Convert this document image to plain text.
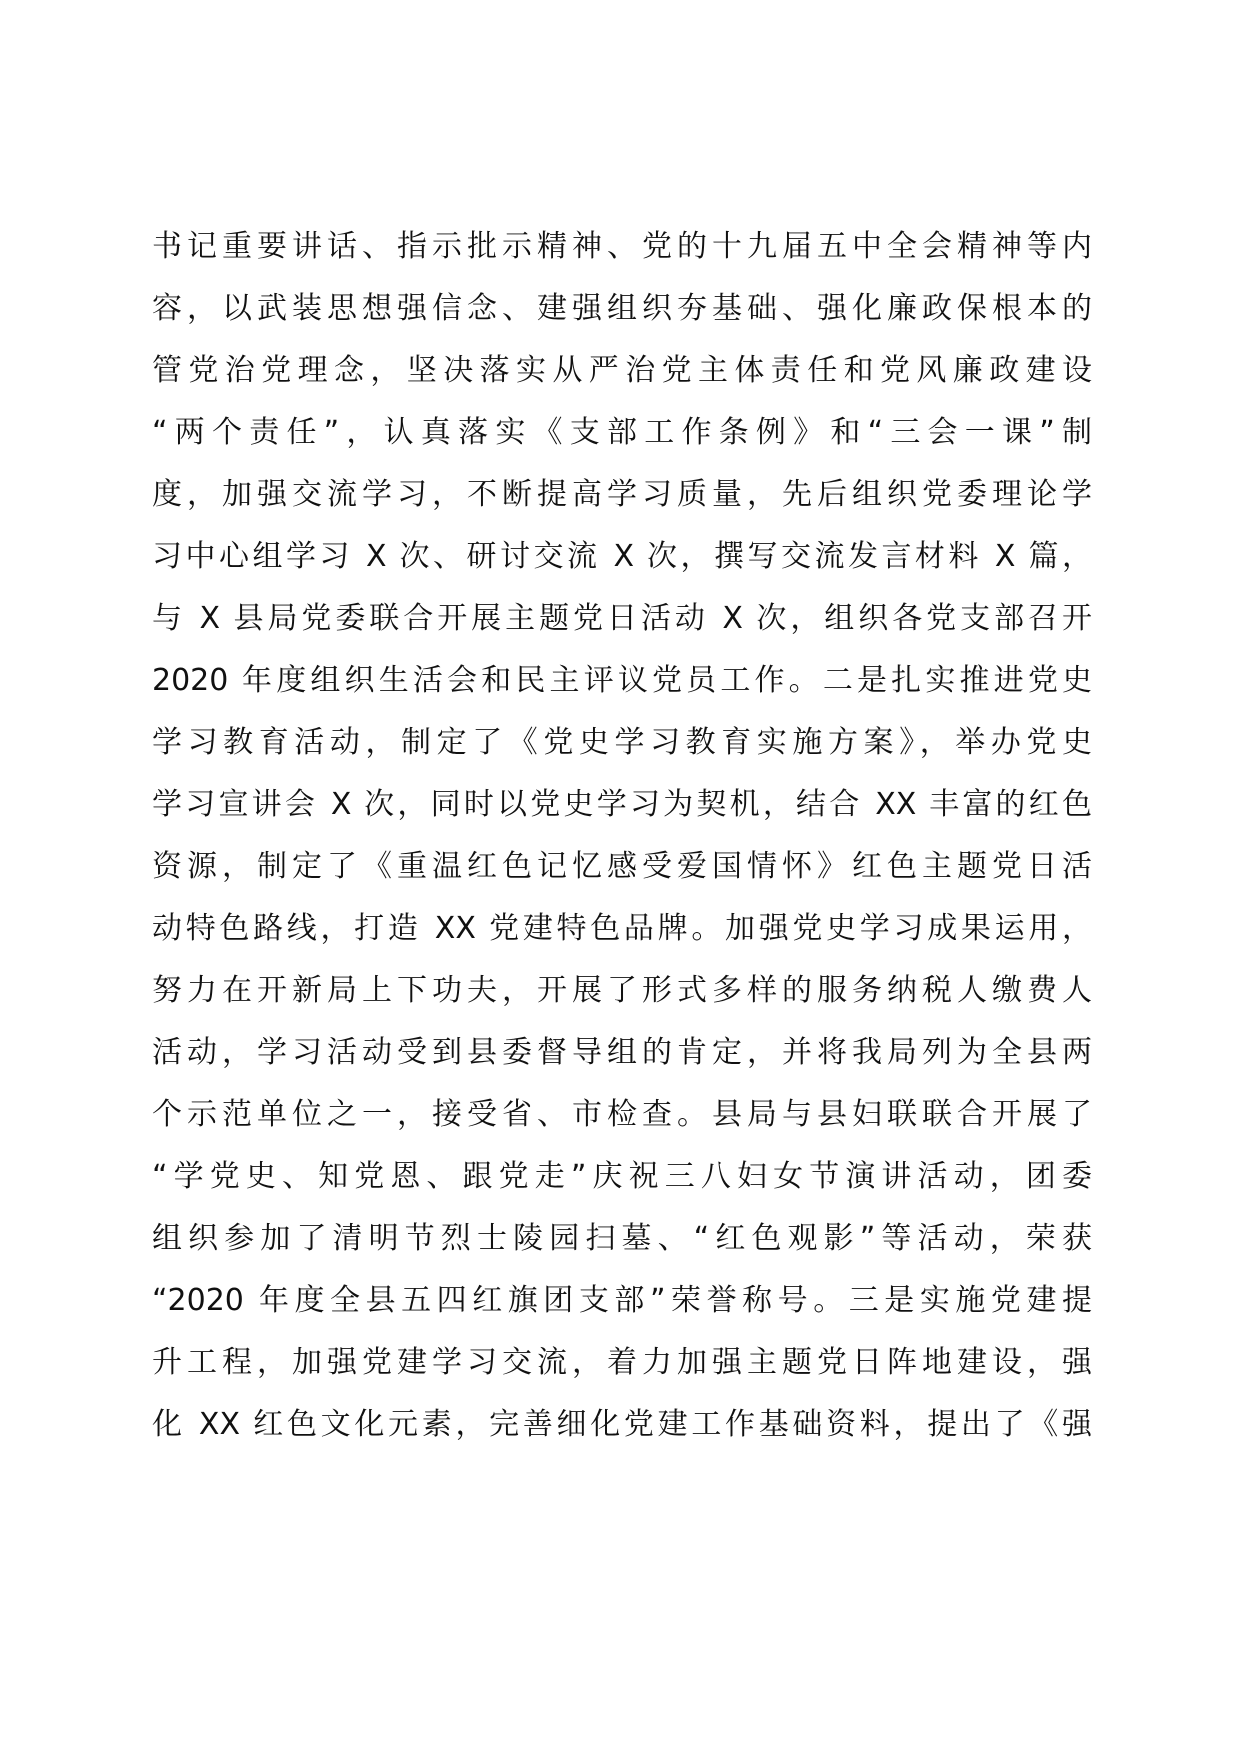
书记重要讲话、指示批示精神、党的十九届五中全会精神等内

容，以武装思想强信念、建强组织夯基础、强化廉政保根本的

管党治党理念，坚决落实从严治党主体责任和党风廉政建设

“两个责任”，认真落实《支部工作条例》和“三会一课”制

度，加强交流学习，不断提高学习质量，先后组织党委理论学

习中心组学习 X 次、研讨交流 X 次，撰写交流发言材料 X 篇，

与 X 县局党委联合开展主题党日活动 X 次，组织各党支部召开

2020 年度组织生活会和民主评议党员工作。二是扎实推进党史

学习教育活动，制定了《党史学习教育实施方案》，举办党史

学习宣讲会 X 次，同时以党史学习为契机，结合 XX 丰富的红色

资源，制定了《重温红色记忆感受爱国情怀》红色主题党日活

动特色路线，打造 XX 党建特色品牌。加强党史学习成果运用，

努力在开新局上下功夫，开展了形式多样的服务纳税人缴费人

活动，学习活动受到县委督导组的肯定，并将我局列为全县两

个示范单位之一，接受省、市检查。县局与县妇联联合开展了

“学党史、知党恩、跟党走”庆祝三八妇女节演讲活动，团委

组织参加了清明节烈士陵园扫墓、“红色观影”等活动，荣获

“2020 年度全县五四红旗团支部”荣誉称号。三是实施党建提

升工程，加强党建学习交流，着力加强主题党日阵地建设，强

化 XX 红色文化元素，完善细化党建工作基础资料，提出了《强
